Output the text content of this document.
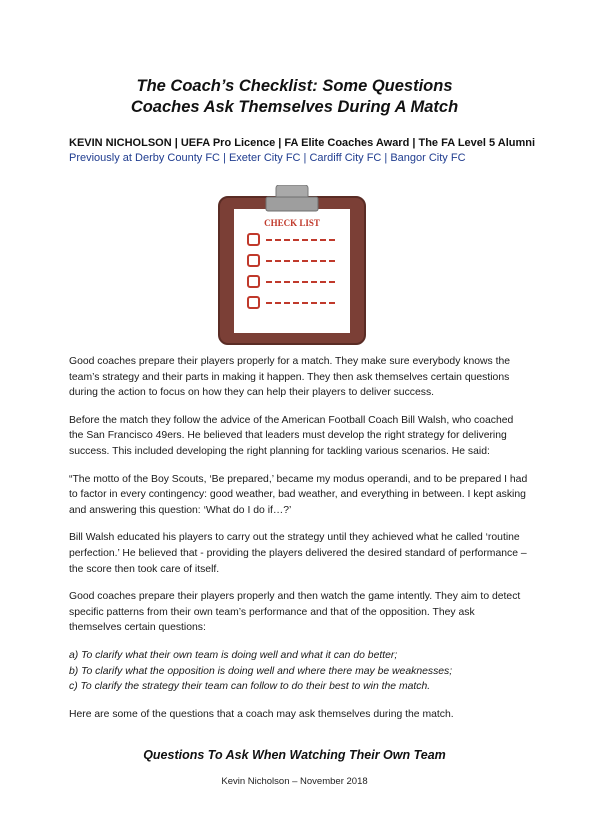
The Coach’s Checklist: Some Questions
Coaches Ask Themselves During A Match
KEVIN NICHOLSON | UEFA Pro Licence | FA Elite Coaches Award | The FA Level 5 Alumni
Previously at Derby County FC | Exeter City FC | Cardiff City FC | Bangor City FC
CHECK LIST

Good coaches prepare their players properly for a match. They make sure everybody knows the team’s strategy and their parts in making it happen. They then ask themselves certain questions during the action to focus on how they can help their players to deliver success.

Before the match they follow the advice of the American Football Coach Bill Walsh, who coached the San Francisco 49ers. He believed that leaders must develop the right strategy for delivering success. This included developing the right planning for tackling various scenarios. He said:

“The motto of the Boy Scouts, ‘Be prepared,’ became my modus operandi, and to be prepared I had to factor in every contingency: good weather, bad weather, and everything in between. I kept asking and answering this question: ‘What do I do if…?’

Bill Walsh educated his players to carry out the strategy until they achieved what he called ‘routine perfection.’ He believed that - providing the players delivered the desired standard of performance – the score then took care of itself.

Good coaches prepare their players properly and then watch the game intently. They aim to detect specific patterns from their own team’s performance and that of the opposition. They ask themselves certain questions:

a) To clarify what their own team is doing well and what it can do better;
b) To clarify what the opposition is doing well and where there may be weaknesses;
c) To clarify the strategy their team can follow to do their best to win the match.

Here are some of the questions that a coach may ask themselves during the match.

Questions To Ask When Watching Their Own Team
Kevin Nicholson – November 2018
